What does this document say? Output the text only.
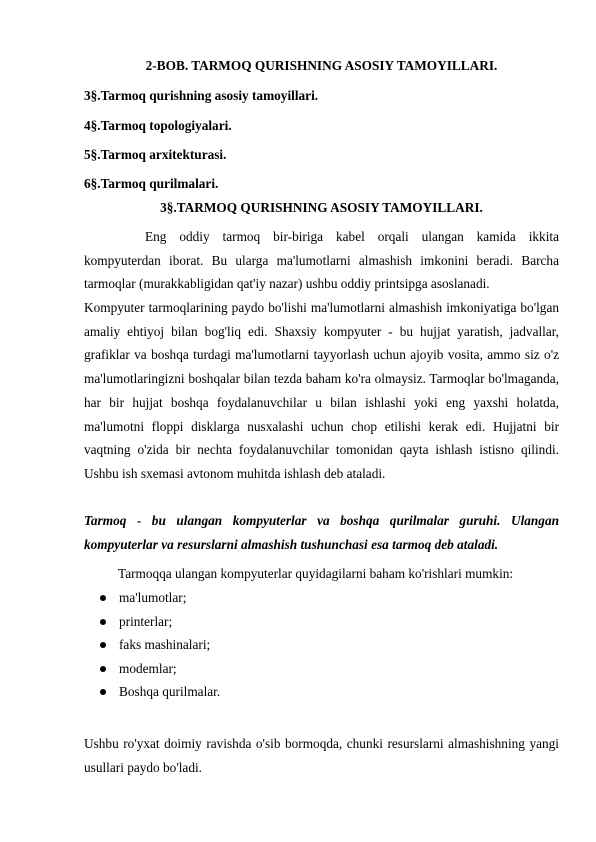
2-BOB. TARMOQ QURISHNING ASOSIY TAMOYILLARI.
3§.Tarmoq qurishning asosiy tamoyillari.
4§.Tarmoq topologiyalari.
5§.Tarmoq arxitekturasi.
6§.Tarmoq qurilmalari.
3§.TARMOQ QURISHNING ASOSIY TAMOYILLARI.
Eng oddiy tarmoq bir-biriga kabel orqali ulangan kamida ikkita kompyuterdan iborat. Bu ularga ma'lumotlarni almashish imkonini beradi. Barcha tarmoqlar (murakkabligidan qat'iy nazar) ushbu oddiy printsipga asoslanadi.
Kompyuter tarmoqlarining paydo bo'lishi ma'lumotlarni almashish imkoniyatiga bo'lgan amaliy ehtiyoj bilan bog'liq edi. Shaxsiy kompyuter - bu hujjat yaratish, jadvallar, grafiklar va boshqa turdagi ma'lumotlarni tayyorlash uchun ajoyib vosita, ammo siz o'z ma'lumotlaringizni boshqalar bilan tezda baham ko'ra olmaysiz. Tarmoqlar bo'lmaganda, har bir hujjat boshqa foydalanuvchilar u bilan ishlashi yoki eng yaxshi holatda, ma'lumotni floppi disklarga nusxalashi uchun chop etilishi kerak edi. Hujjatni bir vaqtning o'zida bir nechta foydalanuvchilar tomonidan qayta ishlash istisno qilindi. Ushbu ish sxemasi avtonom muhitda ishlash deb ataladi.
Tarmoq - bu ulangan kompyuterlar va boshqa qurilmalar guruhi. Ulangan kompyuterlar va resurslarni almashish tushunchasi esa tarmoq deb ataladi.
Tarmoqqa ulangan kompyuterlar quyidagilarni baham ko'rishlari mumkin:
ma'lumotlar;
printerlar;
faks mashinalari;
modemlar;
Boshqa qurilmalar.
Ushbu ro'yxat doimiy ravishda o'sib bormoqda, chunki resurslarni almashishning yangi usullari paydo bo'ladi.
